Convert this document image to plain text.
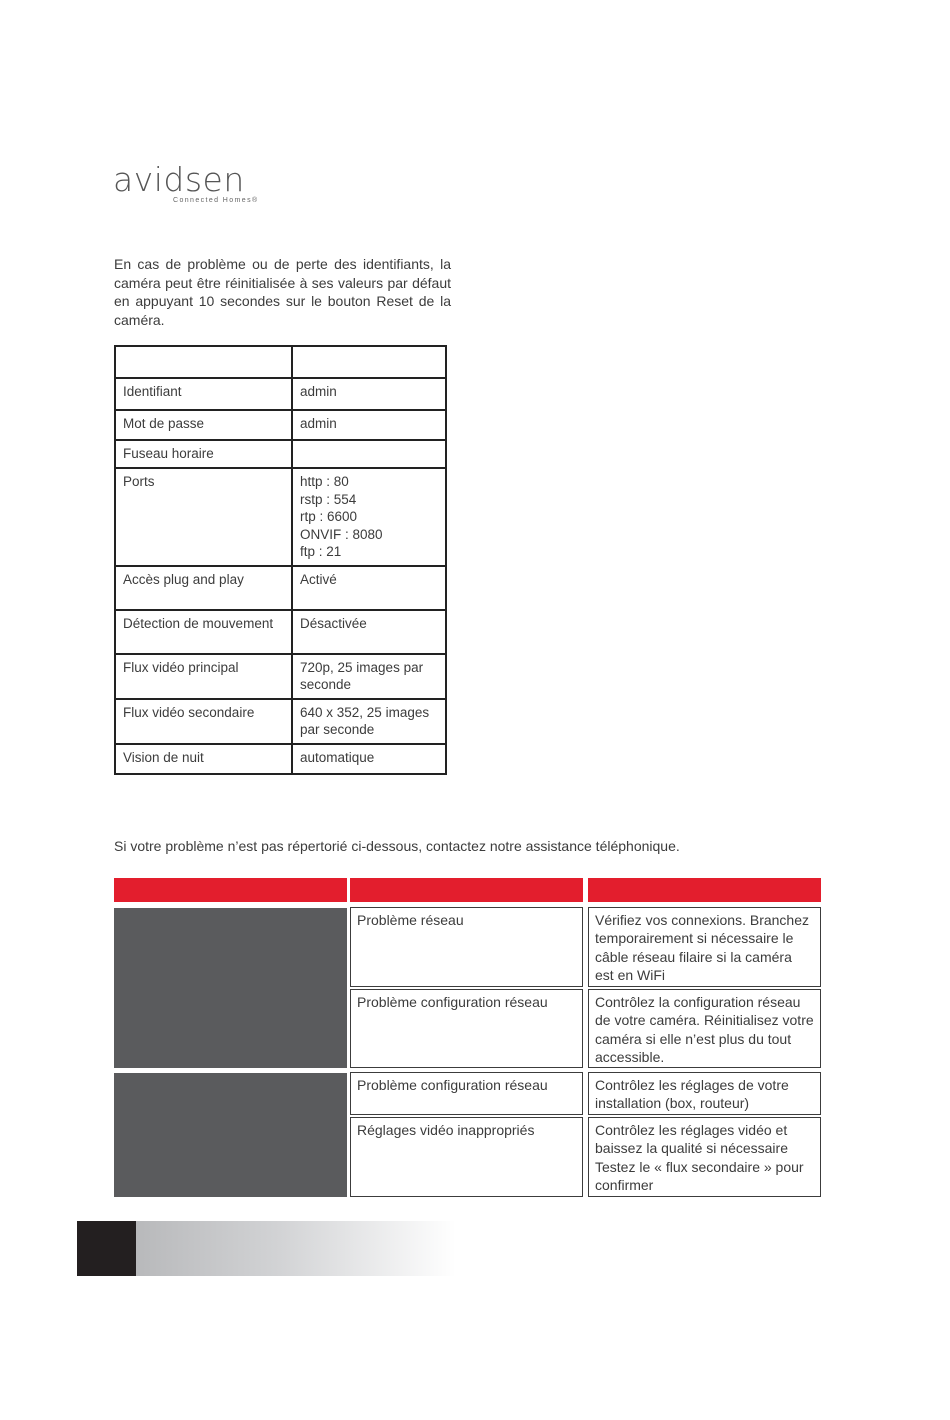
avidsen
Connected Homes®

En cas de problème ou de perte des identifiants, la caméra peut être réinitialisée à ses valeurs par défaut en appuyant 10 secondes sur le bouton Reset de la caméra.

Identifiant	admin
Mot de passe	admin
Fuseau horaire	
Ports	http : 80
rstp : 554
rtp : 6600
ONVIF : 8080
ftp : 21
Accès plug and play	Activé
Détection de mouvement	Désactivée
Flux vidéo principal	720p, 25 images par seconde
Flux vidéo secondaire	640 x 352, 25 images par seconde
Vision de nuit	automatique
Si votre problème n’est pas répertorié ci-dessous, contactez notre assistance téléphonique.
Problème réseau	Vérifiez vos connexions. Branchez temporairement si nécessaire le câble réseau filaire si la caméra est en WiFi
Problème configuration réseau	Contrôlez la configuration réseau de votre caméra. Réinitialisez votre caméra si elle n’est plus du tout accessible.
Problème configuration réseau	Contrôlez les réglages de votre installation (box, routeur)
Réglages vidéo inappropriés	Contrôlez les réglages vidéo et baissez la qualité si nécessaire Testez le « flux secondaire » pour confirmer
